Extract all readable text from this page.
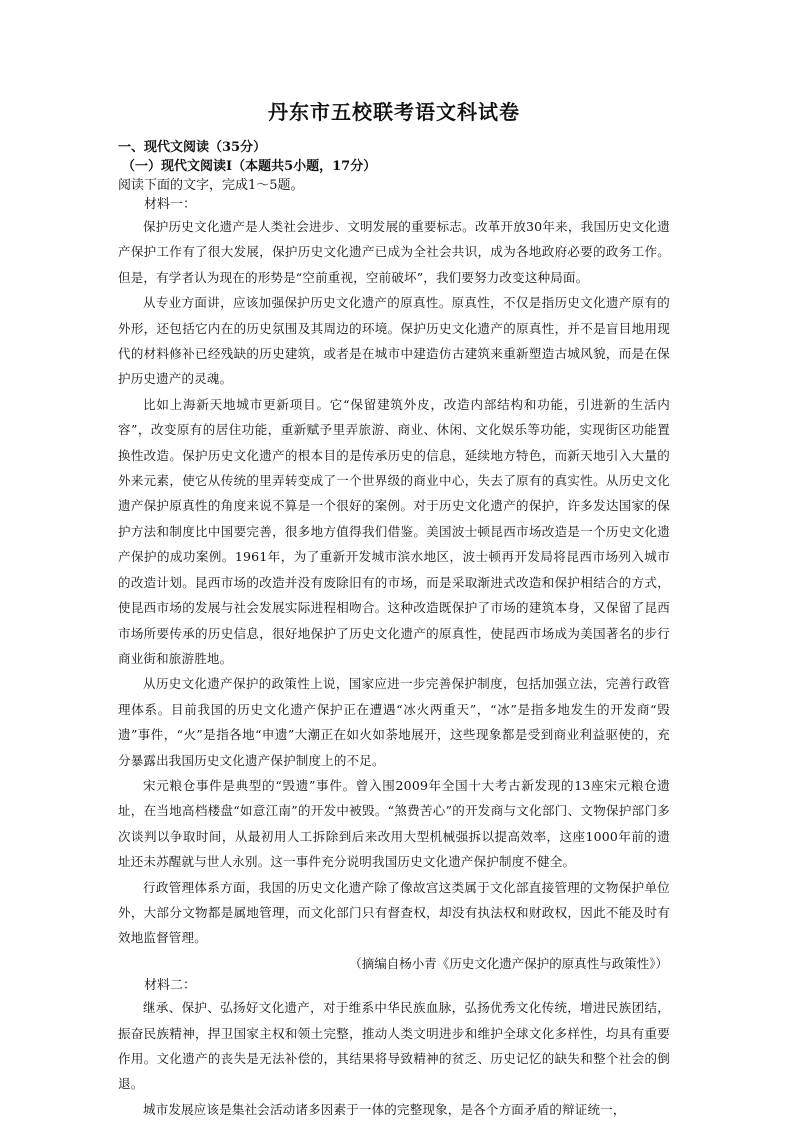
丹东市五校联考语文科试卷

一、现代文阅读（35分）

（一）现代文阅读Ⅰ（本题共5小题，17分）

阅读下面的文字，完成1～5题。

材料一：

保护历史文化遗产是人类社会进步、文明发展的重要标志。改革开放30年来，我国历史文化遗产保护工作有了很大发展，保护历史文化遗产已成为全社会共识，成为各地政府必要的政务工作。但是，有学者认为现在的形势是“空前重视，空前破坏”，我们要努力改变这种局面。

从专业方面讲，应该加强保护历史文化遗产的原真性。原真性，不仅是指历史文化遗产原有的外形，还包括它内在的历史氛围及其周边的环境。保护历史文化遗产的原真性，并不是盲目地用现代的材料修补已经残缺的历史建筑，或者是在城市中建造仿古建筑来重新塑造古城风貌，而是在保护历史遗产的灵魂。

比如上海新天地城市更新项目。它“保留建筑外皮，改造内部结构和功能，引进新的生活内容”，改变原有的居住功能，重新赋予里弄旅游、商业、休闲、文化娱乐等功能，实现街区功能置换性改造。保护历史文化遗产的根本目的是传承历史的信息，延续地方特色，而新天地引入大量的外来元素，使它从传统的里弄转变成了一个世界级的商业中心，失去了原有的真实性。从历史文化遗产保护原真性的角度来说不算是一个很好的案例。对于历史文化遗产的保护，许多发达国家的保护方法和制度比中国要完善，很多地方值得我们借鉴。美国波士顿昆西市场改造是一个历史文化遗产保护的成功案例。1961年，为了重新开发城市滨水地区，波士顿再开发局将昆西市场列入城市的改造计划。昆西市场的改造并没有废除旧有的市场，而是采取渐进式改造和保护相结合的方式，使昆西市场的发展与社会发展实际进程相吻合。这种改造既保护了市场的建筑本身，又保留了昆西市场所要传承的历史信息，很好地保护了历史文化遗产的原真性，使昆西市场成为美国著名的步行商业街和旅游胜地。

从历史文化遗产保护的政策性上说，国家应进一步完善保护制度，包括加强立法，完善行政管理体系。目前我国的历史文化遗产保护正在遭遇“冰火两重天”，“冰”是指多地发生的开发商“毁遗”事件，“火”是指各地“申遗”大潮正在如火如荼地展开，这些现象都是受到商业利益驱使的，充分暴露出我国历史文化遗产保护制度上的不足。

宋元粮仓事件是典型的“毁遗”事件。曾入围2009年全国十大考古新发现的13座宋元粮仓遗址，在当地高档楼盘“如意江南”的开发中被毁。“煞费苦心”的开发商与文化部门、文物保护部门多次谈判以争取时间，从最初用人工拆除到后来改用大型机械强拆以提高效率，这座1000年前的遗址还未苏醒就与世人永别。这一事件充分说明我国历史文化遗产保护制度不健全。

行政管理体系方面，我国的历史文化遗产除了像故宫这类属于文化部直接管理的文物保护单位外，大部分文物都是属地管理，而文化部门只有督查权，却没有执法权和财政权，因此不能及时有效地监督管理。

（摘编自杨小青《历史文化遗产保护的原真性与政策性》）

材料二：

继承、保护、弘扬好文化遗产，对于维系中华民族血脉，弘扬优秀文化传统，增进民族团结，振奋民族精神，捍卫国家主权和领土完整，推动人类文明进步和维护全球文化多样性，均具有重要作用。文化遗产的丧失是无法补偿的，其结果将导致精神的贫乏、历史记忆的缺失和整个社会的倒退。

城市发展应该是集社会活动诸多因素于一体的完整现象，是各个方面矛盾的辩证统一，
